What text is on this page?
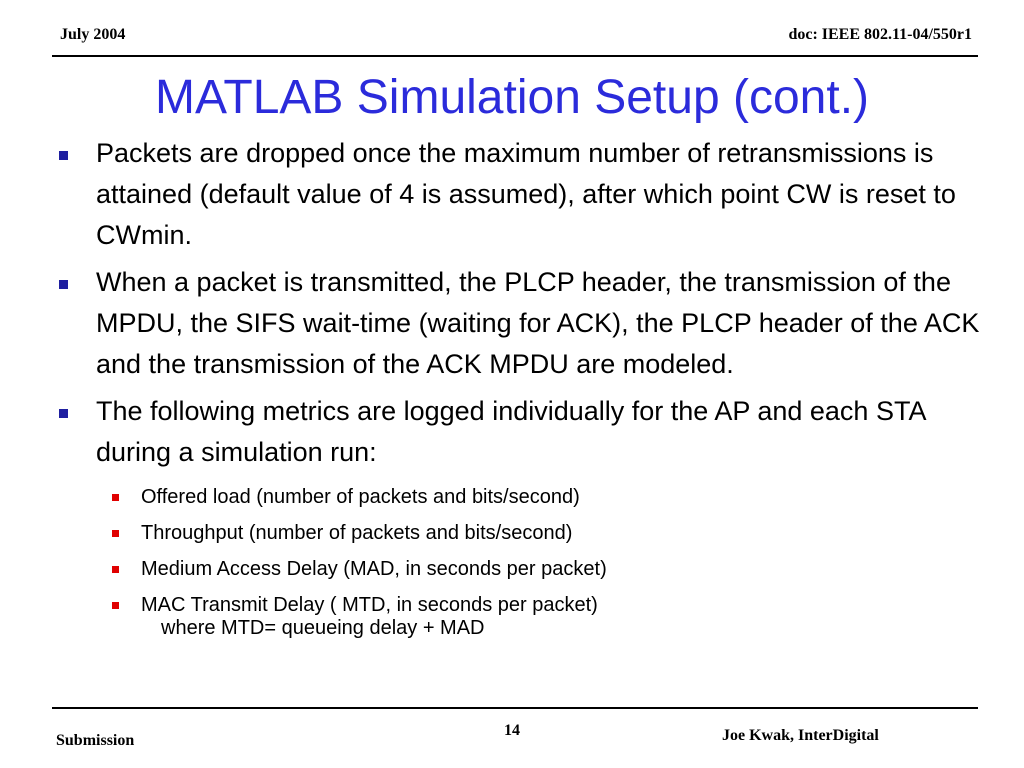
July 2004	doc: IEEE 802.11-04/550r1
MATLAB Simulation Setup (cont.)
Packets are dropped once the maximum number of retransmissions is attained (default value of 4 is assumed), after which point CW is reset to CWmin.
When a packet is transmitted, the PLCP header, the transmission of the MPDU, the SIFS wait-time (waiting for ACK), the PLCP header of the ACK and the transmission of the ACK MPDU are modeled.
The following metrics are logged individually for the AP and each STA during a simulation run:
Offered load (number of packets and bits/second)
Throughput (number of packets and bits/second)
Medium Access Delay (MAD, in seconds per packet)
MAC Transmit Delay ( MTD, in seconds per packet)
where MTD= queueing delay + MAD
Submission
14	Joe Kwak, InterDigital
